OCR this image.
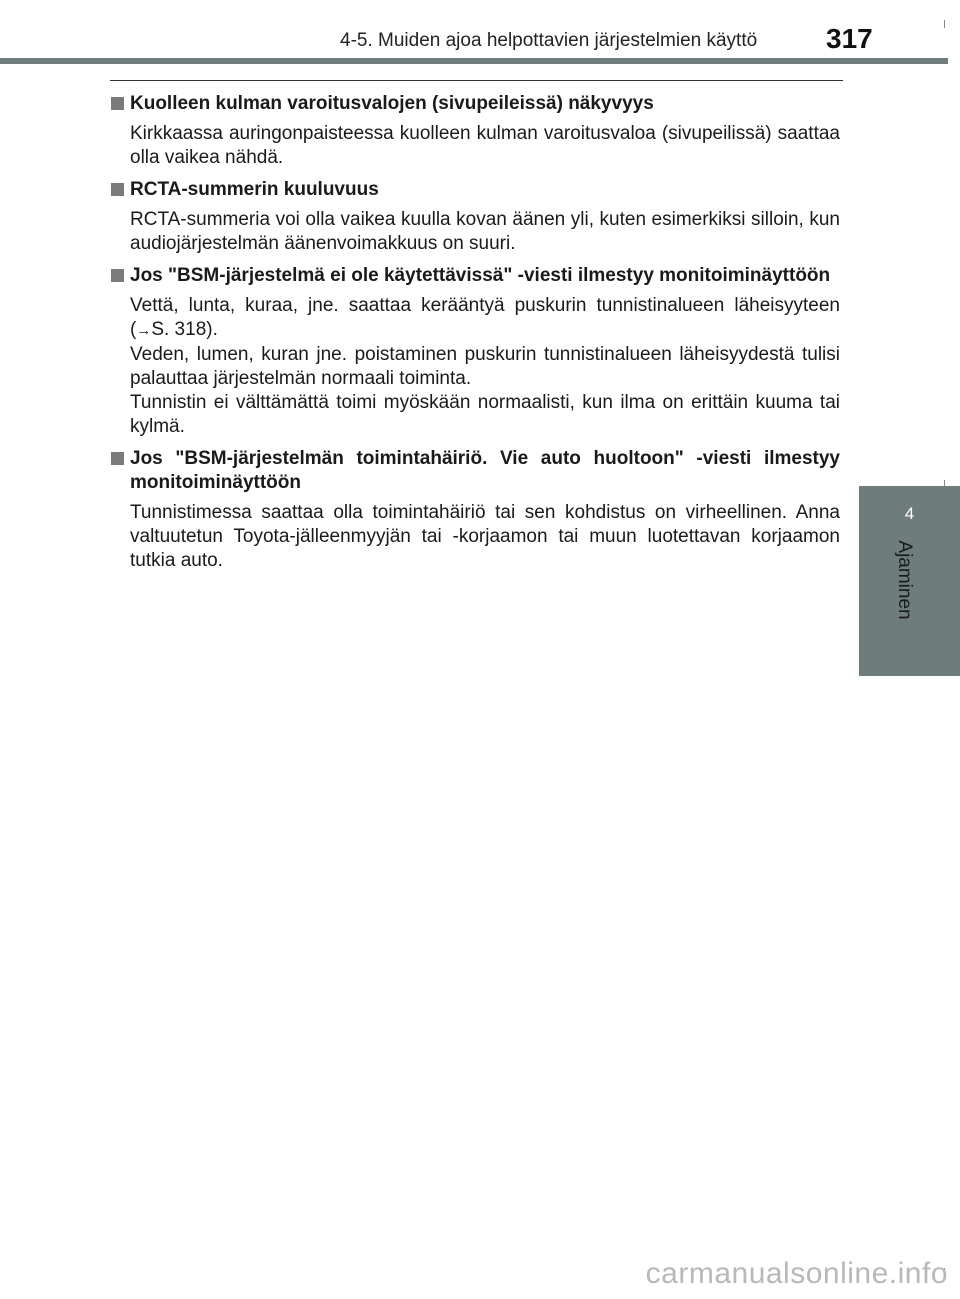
4-5. Muiden ajoa helpottavien järjestelmien käyttö	317
4
Ajaminen
Kuolleen kulman varoitusvalojen (sivupeileissä) näkyvyys
Kirkkaassa auringonpaisteessa kuolleen kulman varoitusvaloa (sivupeilissä) saattaa olla vaikea nähdä.
RCTA-summerin kuuluvuus
RCTA-summeria voi olla vaikea kuulla kovan äänen yli, kuten esimerkiksi silloin, kun audiojärjestelmän äänenvoimakkuus on suuri.
Jos "BSM-järjestelmä ei ole käytettävissä" -viesti ilmestyy monitoiminäyttöön
Vettä, lunta, kuraa, jne. saattaa kerääntyä puskurin tunnistinalueen läheisyyteen (→S. 318).
Veden, lumen, kuran jne. poistaminen puskurin tunnistinalueen läheisyydestä tulisi palauttaa järjestelmän normaali toiminta.
Tunnistin ei välttämättä toimi myöskään normaalisti, kun ilma on erittäin kuuma tai kylmä.
Jos "BSM-järjestelmän toimintahäiriö. Vie auto huoltoon" -viesti ilmestyy monitoiminäyttöön
Tunnistimessa saattaa olla toimintahäiriö tai sen kohdistus on virheellinen. Anna valtuutetun Toyota-jälleenmyyjän tai -korjaamon tai muun luotettavan korjaamon tutkia auto.
carmanualsonline.info
